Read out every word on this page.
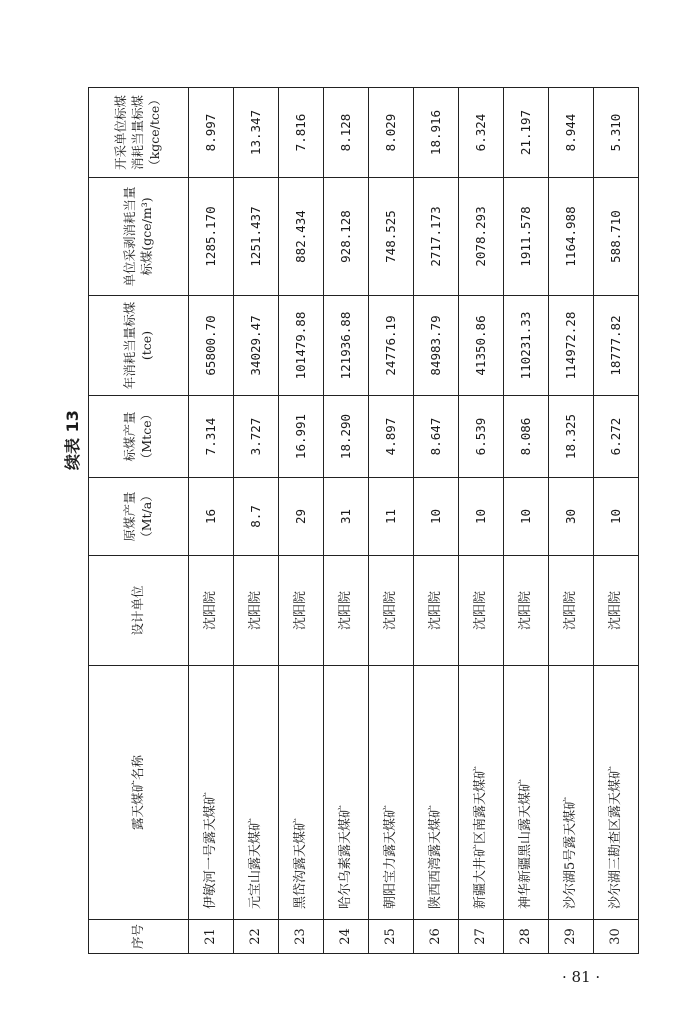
续表 13
序号	露天煤矿名称	设计单位	原煤产量（Mt/a）	标煤产量（Mtce）	年消耗当量标煤(tce)	单位采剥消耗当量标煤(gce/m³)	开采单位标煤消耗当量标煤（kgce/tce）
21	伊敏河一号露天煤矿	沈阳院	16	7.314	65800.70	1285.170	8.997
22	元宝山露天煤矿	沈阳院	8.7	3.727	34029.47	1251.437	13.347
23	黑岱沟露天煤矿	沈阳院	29	16.991	101479.88	882.434	7.816
24	哈尔乌素露天煤矿	沈阳院	31	18.290	121936.88	928.128	8.128
25	朝阳宝力露天煤矿	沈阳院	11	4.897	24776.19	748.525	8.029
26	陕西西湾露天煤矿	沈阳院	10	8.647	84983.79	2717.173	18.916
27	新疆大井矿区南露天煤矿	沈阳院	10	6.539	41350.86	2078.293	6.324
28	神华新疆黑山露天煤矿	沈阳院	10	8.086	110231.33	1911.578	21.197
29	沙尔湖5号露天煤矿	沈阳院	30	18.325	114972.28	1164.988	8.944
30	沙尔湖三勘查区露天煤矿	沈阳院	10	6.272	18777.82	588.710	5.310
· 81 ·
